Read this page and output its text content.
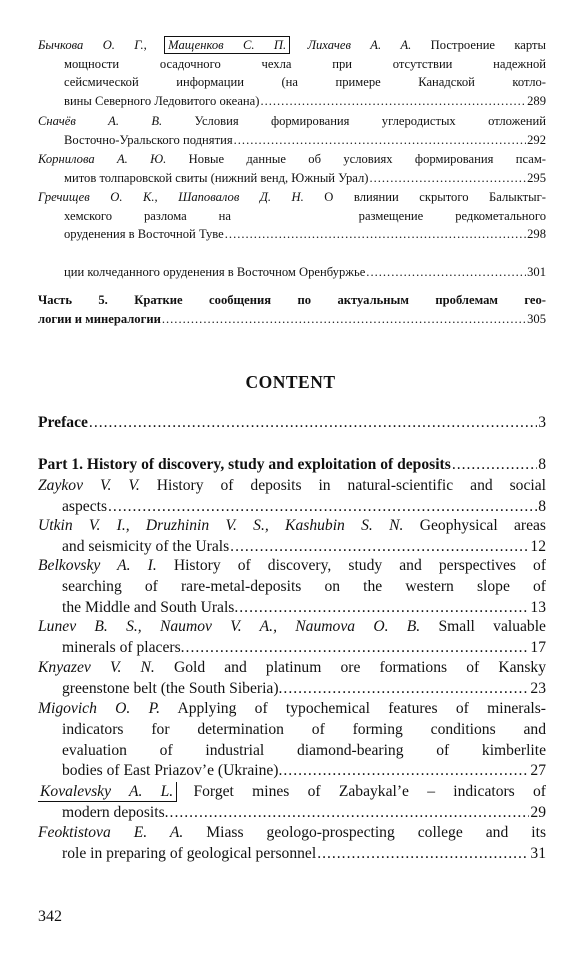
Бычкова О. Г., Мащенков С. П. Лихачев А. А. Построение карты
мощности осадочного чехла при отсутствии надежной
сейсмической информации (на примере Канадской котло-
вины Северного Ледовитого океана) .....	289
Сначёв А. В. Условия формирования углеродистых отложений
Восточно-Уральского поднятия .....	292
Корнилова А. Ю. Новые данные об условиях формирования псам-
митов толпаровской свиты (нижний венд, Южный Урал) .....	295
Гречищев О. К., Шаповалов Д. Н. О влиянии скрытого Балыктыг-
хемского разлома на    размещение редкометального
оруденения в Восточной Туве .....	298

ции колчеданного оруденения в Восточном Оренбуржье .....	301
Часть 5. Краткие сообщения по актуальным проблемам гео-
логии и минералогии .....	305
CONTENT
Preface .....	3
Part 1. History of discovery, study and exploitation of deposits .....	8
Zaykov V. V. History of deposits in natural-scientific and social
aspects .....	8
Utkin V. I., Druzhinin V. S., Kashubin S. N. Geophysical areas
and seismicity of the Urals .....	12
Belkovsky A. I. History of discovery, study and perspectives of
searching of rare-metal-deposits on the western slope of
the Middle and South Urals. .....	13
Lunev B. S., Naumov V. A., Naumova O. B. Small valuable
minerals of placers. .....	17
Knyazev V. N. Gold and platinum ore formations of Kansky
greenstone belt (the South Siberia). .....	23
Migovich O. P. Applying of typochemical features of minerals-
indicators for determination of forming conditions and
evaluation of industrial diamond-bearing of kimberlite
bodies of East Priazov’e (Ukraine). .....	27
Kovalevsky A. L. Forget mines of Zabaykal’e – indicators of
modern deposits. .....	29
Feoktistova E. A. Miass geologo-prospecting college and its
role in preparing of geological personnel .....	31
342
